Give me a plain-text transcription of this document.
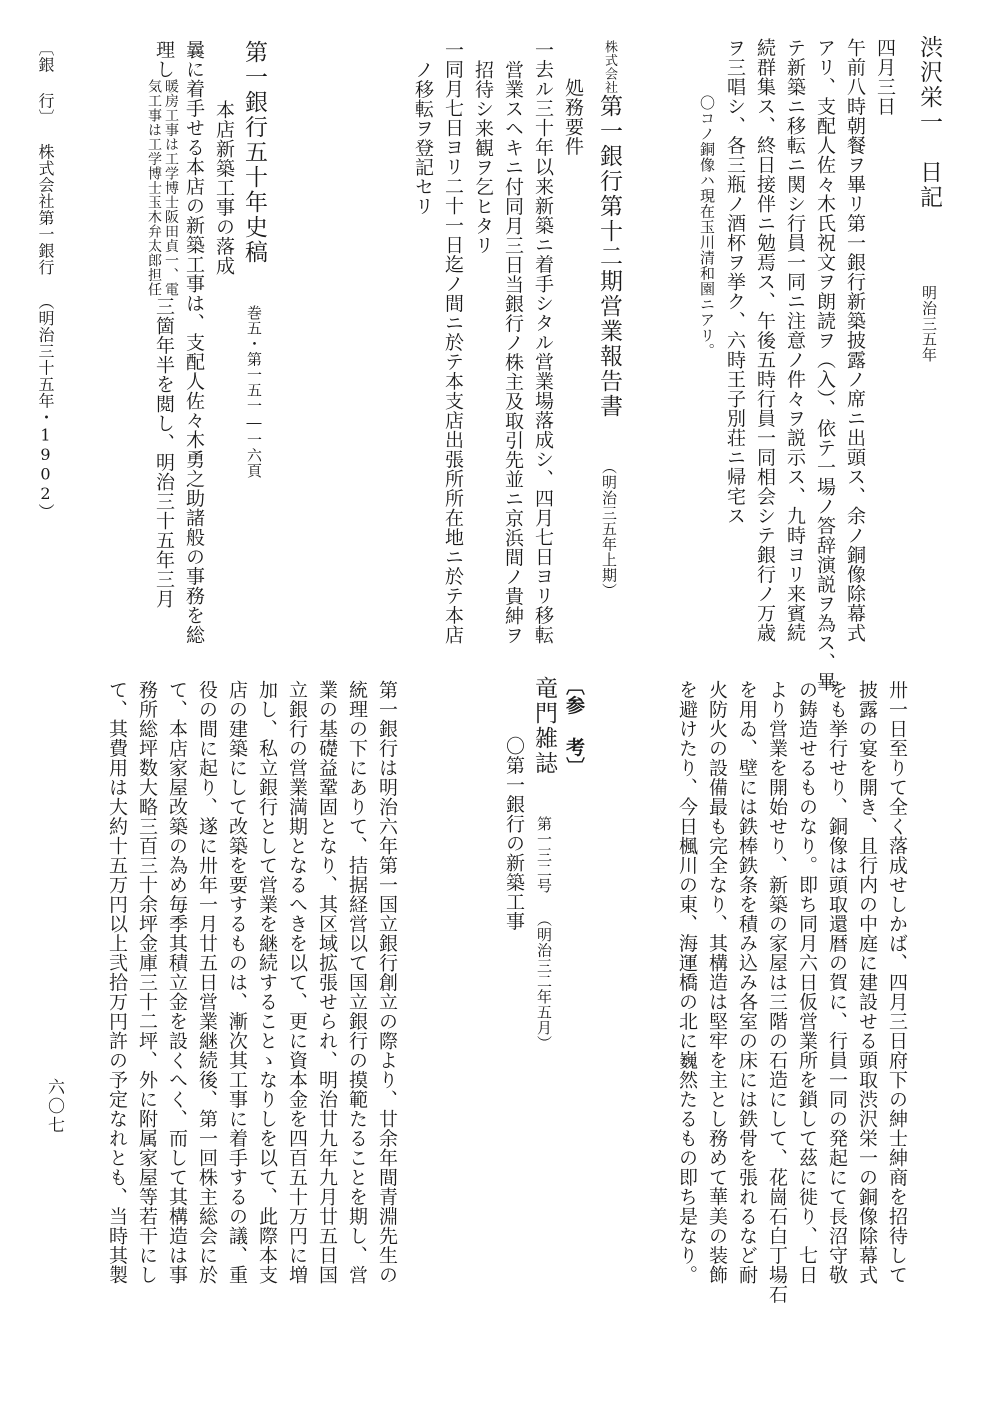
渋沢栄一　日記
明治三五年
四月三日
午前八時朝餐ヲ畢リ第一銀行新築披露ノ席ニ出頭ス、余ノ銅像除幕式
アリ、支配人佐々木氏祝文ヲ朗読ヲ（入）、依テ一場ノ答辞演説ヲ為ス、畢
テ新築ニ移転ニ関シ行員一同ニ注意ノ件々ヲ説示ス、九時ヨリ来賓続
続群集ス、終日接伴ニ勉焉ス、午後五時行員一同相会シテ銀行ノ万歳
ヲ三唱シ、各三瓶ノ酒杯ヲ挙ク、六時王子別荘ニ帰宅ス
〇コノ銅像ハ現在玉川清和園ニアリ。
株式会社第一銀行第十二期営業報告書（明治三五年上期）
処務要件
一去ル三十年以来新築ニ着手シタル営業場落成シ、四月七日ヨリ移転
営業スヘキニ付同月三日当銀行ノ株主及取引先並ニ京浜間ノ貴紳ヲ
招待シ来観ヲ乞ヒタリ
一同月七日ヨリ二十一日迄ノ間ニ於テ本支店出張所所在地ニ於テ本店
ノ移転ヲ登記セリ
第一銀行五十年史稿巻五・第一五一―一六頁
本店新築工事の落成
曩に着手せる本店の新築工事は、支配人佐々木勇之助諸般の事務を総
理し
暖房工事は工学博士阪田貞一、電
気工事は工学博士玉木弁太郎担任
三箇年半を閲し、明治三十五年三月
〔銀 行〕株式会社第一銀行（明治三十五年・1902）
卅一日至りて全く落成せしかば、四月三日府下の紳士紳商を招待して
披露の宴を開き、且行内の中庭に建設せる頭取渋沢栄一の銅像除幕式
をも挙行せり、銅像は頭取還暦の賀に、行員一同の発起にて長沼守敬
の鋳造せるものなり。即ち同月六日仮営業所を鎖して茲に徙り、七日
より営業を開始せり、新築の家屋は三階の石造にして、花崗石白丁場石
を用ゐ、壁には鉄棒鉄条を積み込み各室の床には鉄骨を張れるなど耐
火防火の設備最も完全なり、其構造は堅牢を主とし務めて華美の装飾
を避けたり、今日楓川の東、海運橋の北に巍然たるもの即ち是なり。
〔参 考〕
竜門雑誌第一三二号（明治三二年五月）
〇第一銀行の新築工事
第一銀行は明治六年第一国立銀行創立の際より、廿余年間青淵先生の
統理の下にありて、拮据経営以て国立銀行の摸範たることを期し、営
業の基礎益鞏固となり、其区域拡張せられ、明治廿九年九月廿五日国
立銀行の営業満期となるへきを以て、更に資本金を四百五十万円に増
加し、私立銀行として営業を継続することゝなりしを以て、此際本支
店の建築にして改築を要するものは、漸次其工事に着手するの議、重
役の間に起り、遂に卅年一月廿五日営業継続後、第一回株主総会に於
て、本店家屋改築の為め毎季其積立金を設くへく、而して其構造は事
務所総坪数大略三百三十余坪金庫三十二坪、外に附属家屋等若干にし
て、其費用は大約十五万円以上弐拾万円許の予定なれとも、当時其製
六〇七
